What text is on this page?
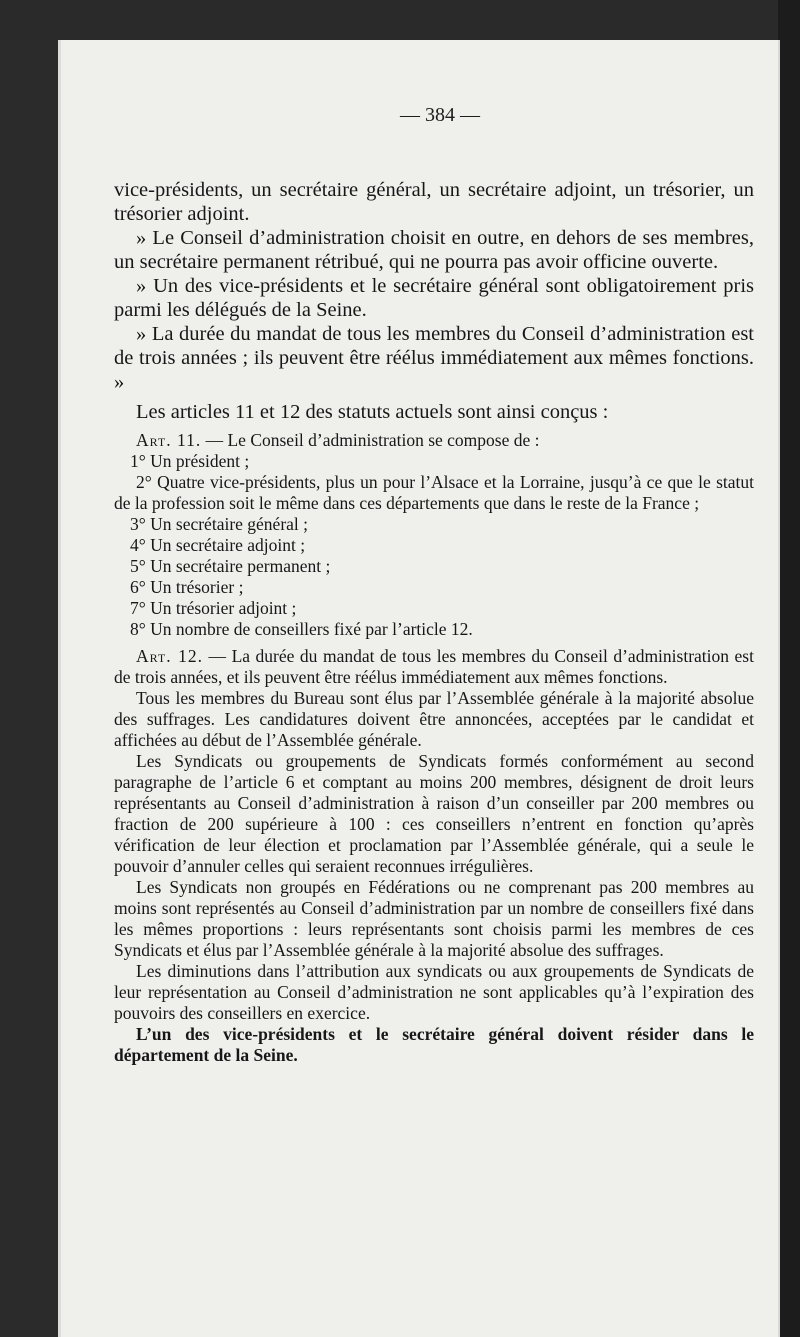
— 384 —

vice-présidents, un secrétaire général, un secrétaire adjoint, un trésorier, un trésorier adjoint.

» Le Conseil d’administration choisit en outre, en dehors de ses membres, un secrétaire permanent rétribué, qui ne pourra pas avoir officine ouverte.

» Un des vice-présidents et le secrétaire général sont obligatoirement pris parmi les délégués de la Seine.

» La durée du mandat de tous les membres du Conseil d’administration est de trois années ; ils peuvent être réélus immédiatement aux mêmes fonctions. »

Les articles 11 et 12 des statuts actuels sont ainsi conçus :

Art. 11. — Le Conseil d’administration se compose de :

1° Un président ;

2° Quatre vice-présidents, plus un pour l’Alsace et la Lorraine, jusqu’à ce que le statut de la profession soit le même dans ces départements que dans le reste de la France ;

3° Un secrétaire général ;

4° Un secrétaire adjoint ;

5° Un secrétaire permanent ;

6° Un trésorier ;

7° Un trésorier adjoint ;

8° Un nombre de conseillers fixé par l’article 12.

Art. 12. — La durée du mandat de tous les membres du Conseil d’administration est de trois années, et ils peuvent être réélus immédiatement aux mêmes fonctions.

Tous les membres du Bureau sont élus par l’Assemblée générale à la majorité absolue des suffrages. Les candidatures doivent être annoncées, acceptées par le candidat et affichées au début de l’Assemblée générale.

Les Syndicats ou groupements de Syndicats formés conformément au second paragraphe de l’article 6 et comptant au moins 200 membres, désignent de droit leurs représentants au Conseil d’administration à raison d’un conseiller par 200 membres ou fraction de 200 supérieure à 100 : ces conseillers n’entrent en fonction qu’après vérification de leur élection et proclamation par l’Assemblée générale, qui a seule le pouvoir d’annuler celles qui seraient reconnues irrégulières.

Les Syndicats non groupés en Fédérations ou ne comprenant pas 200 membres au moins sont représentés au Conseil d’administration par un nombre de conseillers fixé dans les mêmes proportions : leurs représentants sont choisis parmi les membres de ces Syndicats et élus par l’Assemblée générale à la majorité absolue des suffrages.

Les diminutions dans l’attribution aux syndicats ou aux groupements de Syndicats de leur représentation au Conseil d’administration ne sont applicables qu’à l’expiration des pouvoirs des conseillers en exercice.

L’un des vice-présidents et le secrétaire général doivent résider dans le département de la Seine.
